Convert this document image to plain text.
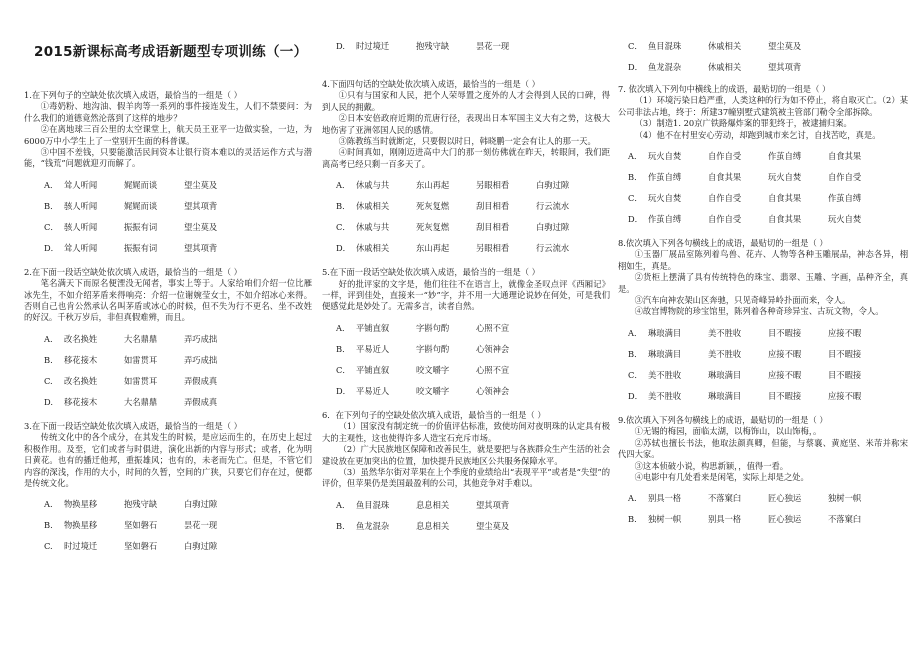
2015新课标高考成语新题型专项训练（一）

1.在下列句子的空缺处依次填入成语，最恰当的一组是（ ）

①毒奶粉、地沟油、假羊肉等一系列的事件接连发生，人们不禁要问：为什么我们的道德竟然沦落到了这样的地步？

②在离地球三百公里的太空课堂上，航天员王亚平一边做实验，一边，为6000万中小学生上了一堂别开生面的科普课。

③中国不差钱，只要能激活民间资本让银行资本难以的灵活运作方式与潜能，“钱荒”问题就迎刃而解了。

A． 耸人听闻	娓娓而谈	望尘莫及
B． 骇人听闻	娓娓而谈	望其项背
C． 骇人听闻	振振有词	望尘莫及
D． 耸人听闻	振振有词	望其项背

2.在下面一段话空缺处依次填入成语，最恰当的一组是（ ）

笔名满天下而原名便湮没无闻者，事实上等于。人家给咱们介绍一位比雁冰先生，不如介绍茅盾来得响亮：介绍一位谢婉莹女士，不如介绍冰心来得。否则自己也肯公然承认名叫茅盾或冰心的时候，但不失为行不更名、坐不改姓的好汉。千秋万岁后，非但真假难辨，而且。

A.	改名换姓	大名鼎鼎	弄巧成拙
B.	移花接木	如雷贯耳	弄巧成拙
C.	改名换姓	如雷贯耳	弄假成真
D.	移花接木	大名鼎鼎	弄假成真

3.在下面一段话空缺处依次填入成语，最恰当的一组是（ ）

传统文化中的各个成分，在其发生的时候，是应运而生的，在历史上起过积极作用。及至，它们或者与时俱进，演化出新的内容与形式；或者，化为明日黄花。也有的播迁他邦，重振雄风；也有的，未老而先亡。但是，不管它们内容的深浅，作用的大小，时间的久暂，空间的广狭，只要它们存在过，便都是传统文化。

A.	物换星移	抱残守缺	白驹过隙
B.	物换星移	坚如磐石	昙花一现
C.	时过境迁	坚如磐石	白驹过隙
D.	时过境迁	抱残守缺	昙花一现

4.下面四句话的空缺处依次填入成语，最恰当的一组是（ ）

①只有与国家和人民，把个人荣辱置之度外的人才会得到人民的口碑，得到人民的拥戴。

②日本安倍政府近期的荒唐行径，表现出日本军国主义大有之势，这极大地伤害了亚洲邻国人民的感情。

③陈教练当时就断定，只要假以时日，韩晓鹏一定会有让人的那一天。

④时间真如，刚刚迈进高中大门的那一刻仿佛就在昨天，转眼间，我们距离高考已经只剩一百多天了。

A． 休戚与共	东山再起	另眼相看	白驹过隙
B． 休戚相关	死灰复燃	刮目相看	行云流水
C． 休戚与共	死灰复燃	刮目相看	白驹过隙
D． 休戚相关	东山再起	另眼相看	行云流水

5.在下面一段话空缺处依次填入成语，最恰当的一组是（ ）

好的批评家的文字是，他们往往不在语言上，就像金圣叹点评《西厢记》一样，评到佳处，直接来一“妙”字，并不用一大通理论说妙在何处，可是我们便感觉此是妙处了。无需多言，读者自然。

A． 平铺直叙	字斟句酌	心照不宣
B． 平易近人	字斟句酌	心领神会
C． 平铺直叙	咬文嚼字	心照不宣
D． 平易近人	咬文嚼字	心领神会

6．在下列句子的空缺处依次填入成语，最恰当的一组是（ ）

（1）国家没有制定统一的价值评估标准，致使坊间对夜明珠的认定具有极大的主观性，这也使得许多人造宝石充斥市场。

（2）广大民族地区保障和改善民生，就是要把与各族群众生产生活的社会建设放在更加突出的位置，加快提升民族地区公共服务保障水平。

（3）虽然华尔街对苹果在上个季度的业绩给出“表现平平”或者是“失望”的评价，但苹果仍是美国最盈利的公司，其他竞争对手难以。

A． 鱼目混珠	息息相关	望其项背
B． 鱼龙混杂	息息相关	望尘莫及
C． 鱼目混珠	休戚相关	望尘莫及
D． 鱼龙混杂	休戚相关	望其项背

7. 依次填入下列句中横线上的成语，最贴切的一组是（ ）

（1）环境污染日趋严重，人类这种的行为如不停止，将自取灭亡。（2）某公司非法占地，终于：所建37幢别墅式建筑被主管部门勒令全部拆除。

（3）制造1. 20京广铁路爆炸案的罪犯终于，被逮捕归案。

（4）他不在村里安心劳动，却跑到城市来乞讨，自找苦吃，真是。

A． 玩火自焚	自作自受	作茧自缚	自食其果
B． 作茧自缚	自食其果	玩火自焚	自作自受
C． 玩火自焚	自作自受	自食其果	作茧自缚
D． 作茧自缚	自作自受	自食其果	玩火自焚

8.依次填入下列各句横线上的成语，最贴切的一组是（ ）

①玉器厂展品室陈列着鸟兽、花卉、人物等各种玉雕展品，神态各异，栩栩如生，真是。

②货柜上摆满了具有传统特色的珠宝、翡翠、玉雕、字画，品种齐全，真是。

③汽车向神农架山区奔驰，只见奇峰异岭扑面而来，令人。

④故宫博物院的珍宝馆里，陈列着各种奇珍异宝、古玩文物，令人。

A． 琳琅满目	美不胜收	目不暇接	应接不暇
B． 琳琅满目	美不胜收	应接不暇	目不暇接
C． 美不胜收	琳琅满目	应接不暇	目不暇接
D． 美不胜收	琳琅满目	目不暇接	应接不暇

9.依次填入下列各句横线上的成语，最贴切的一组是（ ）

①无锡的梅园，面临太湖，以梅饰山，以山饰梅，。

②苏轼也擅长书法，他取法颜真卿，但能，与蔡襄、黄庭坚、米芾并称宋代四大家。

③这本侦破小说，构思新颖，，值得一看。

④电影中有几处看来是闲笔，实际上却是之处。

A.	别具一格	不落窠臼	匠心独运	独树一帜
B.	独树一帜	别具一格	匠心独运	不落窠臼
